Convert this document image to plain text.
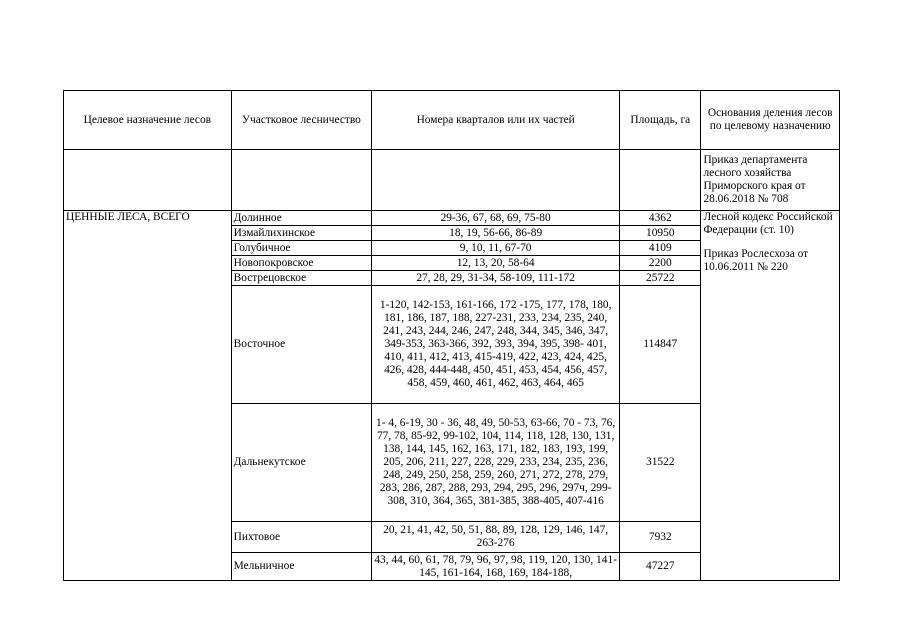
Целевое назначение лесов	Участковое лесничество	Номера кварталов или их частей	Площадь, га	Основания деления лесов по целевому назначению
				Приказ департамента лесного хозяйства Приморского края от 28.06.2018 № 708
ЦЕННЫЕ ЛЕСА, ВСЕГО	Долинное	29-36, 67, 68, 69, 75-80	4362	Лесной кодекс Российской Федерации (ст. 10)

Приказ Рослесхоза от 10.06.2011 № 220

	Измайлихинское	18, 19, 56-66, 86-89	10950	
	Голубичное	9, 10, 11, 67-70	4109	
	Новопокровское	12, 13, 20, 58-64	2200	
	Вострецовское	27, 28, 29, 31-34, 58-109, 111-172	25722	
	Восточное	1-120, 142-153, 161-166, 172 -175, 177, 178, 180, 181, 186, 187, 188, 227-231, 233, 234, 235, 240, 241, 243, 244, 246, 247, 248, 344, 345, 346, 347, 349-353, 363-366, 392, 393, 394, 395, 398- 401, 410, 411, 412, 413, 415-419, 422, 423, 424, 425, 426, 428, 444-448, 450, 451, 453, 454, 456, 457, 458, 459, 460, 461, 462, 463, 464, 465	114847	
	Дальнекутское	1- 4, 6-19, 30 - 36, 48, 49, 50-53, 63-66, 70 - 73, 76, 77, 78, 85-92, 99-102, 104, 114, 118, 128, 130, 131, 138, 144, 145, 162, 163, 171, 182, 183, 193, 199, 205, 206, 211, 227, 228, 229, 233, 234, 235, 236, 248, 249, 250, 258, 259, 260, 271, 272, 278, 279, 283, 286, 287, 288, 293, 294, 295, 296, 297ч, 299-308, 310, 364, 365, 381-385, 388-405, 407-416	31522	
	Пихтовое	20, 21, 41, 42, 50, 51, 88, 89, 128, 129, 146, 147, 263-276	7932	
	Мельничное	43, 44, 60, 61, 78, 79, 96, 97, 98, 119, 120, 130, 141-145, 161-164, 168, 169, 184-188,	47227	
